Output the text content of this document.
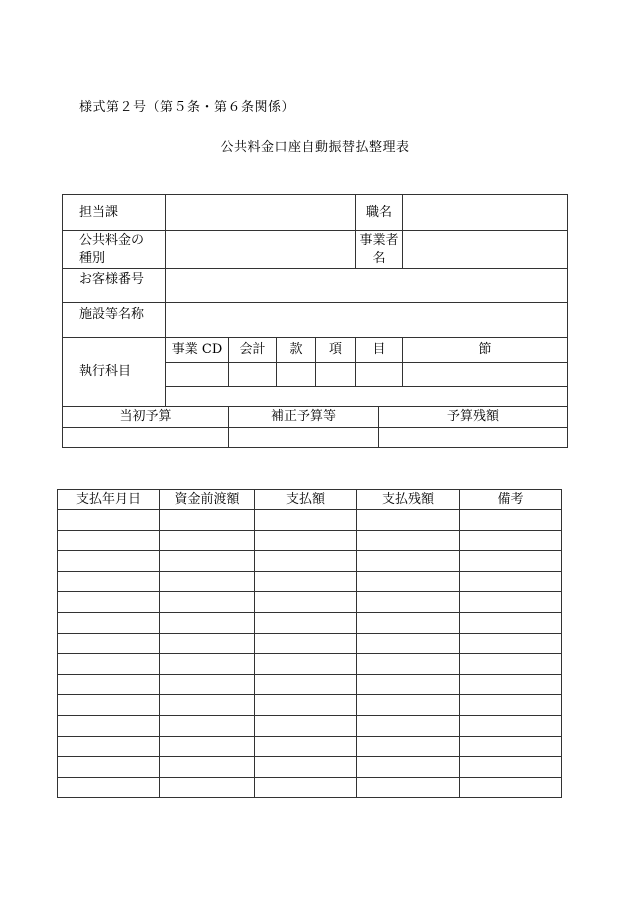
様式第２号（第５条・第６条関係）
公共料金口座自動振替払整理表
担当課					職名		

公共料金の
種別					事業者名		
お客様番号							
施設等名称							
執行科目	事業 CD	会計	款	項	目		節

当初予算		補正予算等				予算残額	

支払年月日	資金前渡額	支払額	支払残額	備考
